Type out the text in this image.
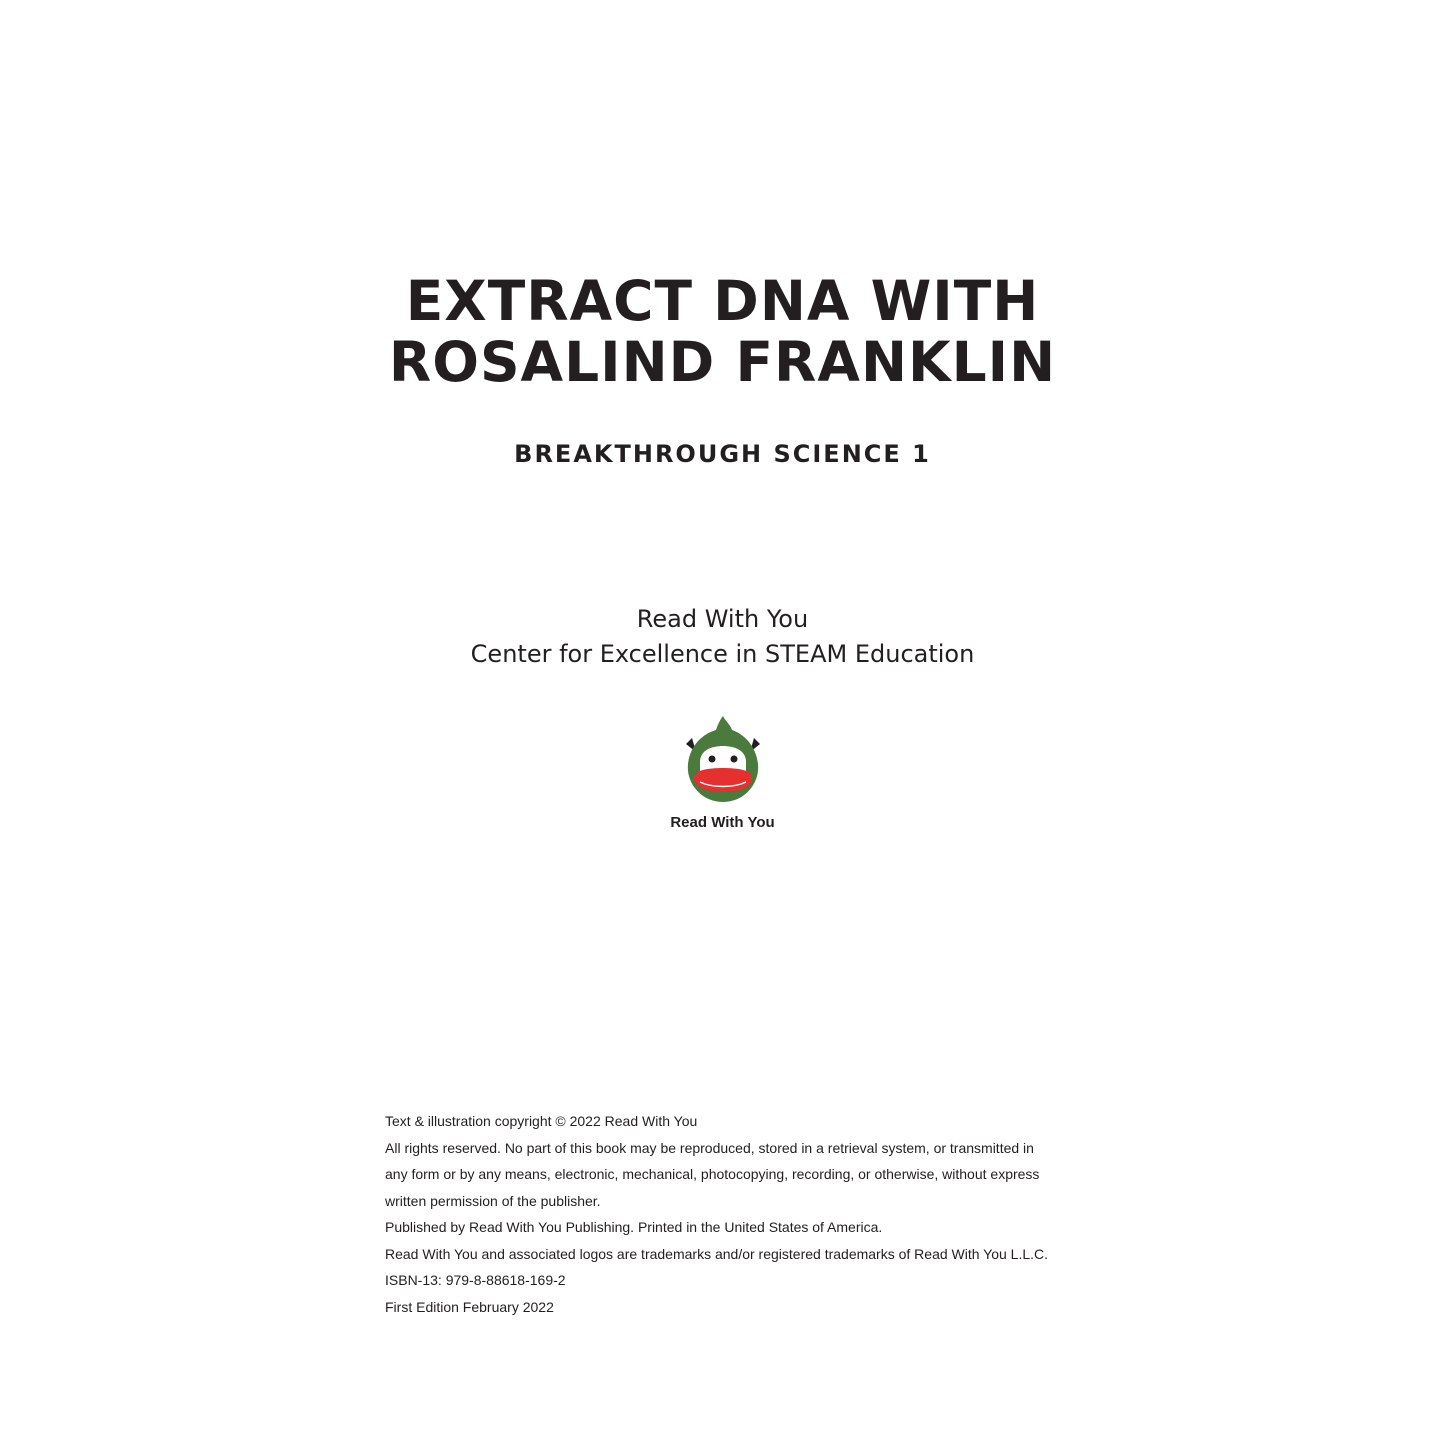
EXTRACT DNA WITH
ROSALIND FRANKLIN
BREAKTHROUGH SCIENCE 1
Read With You
Center for Excellence in STEAM Education
Read With You
Text & illustration copyright © 2022 Read With You
All rights reserved. No part of this book may be reproduced, stored in a retrieval system, or transmitted in
any form or by any means, electronic, mechanical, photocopying, recording, or otherwise, without express
written permission of the publisher.
Published by Read With You Publishing. Printed in the United States of America.
Read With You and associated logos are trademarks and/or registered trademarks of Read With You L.L.C.
ISBN-13: 979-8-88618-169-2
First Edition February 2022
